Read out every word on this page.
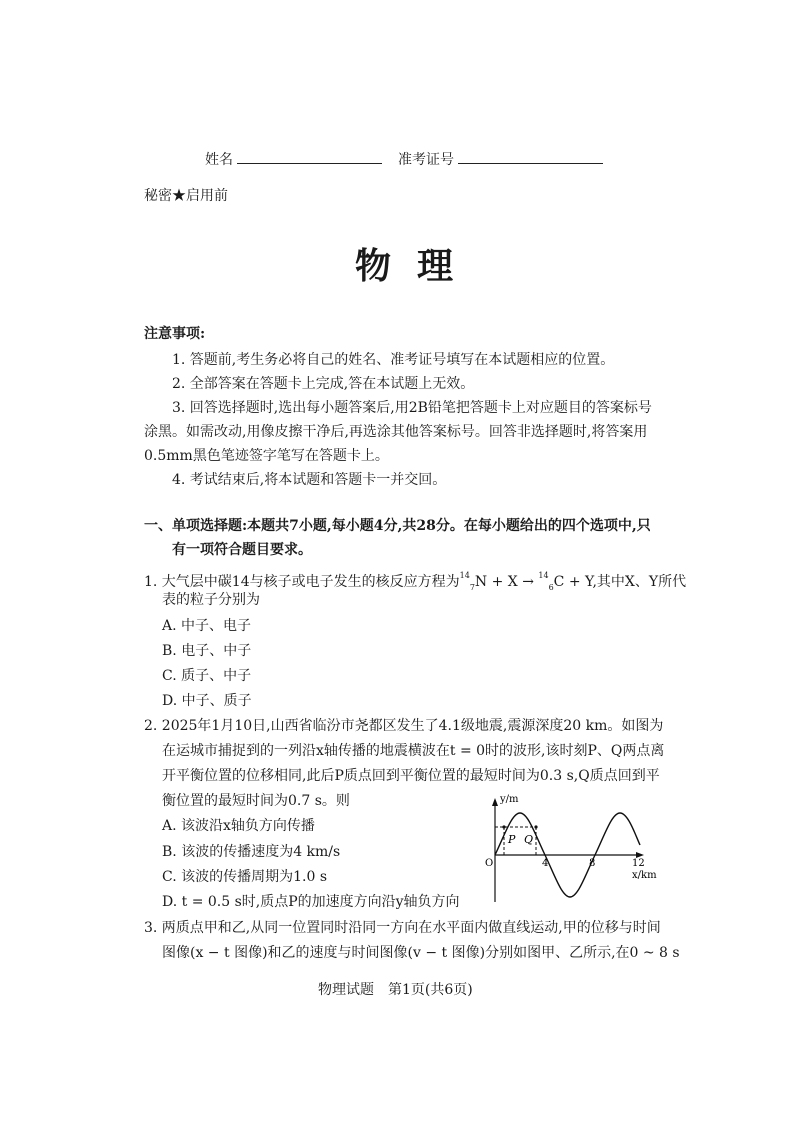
姓名	准考证号
秘密★启用前
物理
注意事项:
1. 答题前,考生务必将自己的姓名、准考证号填写在本试题相应的位置。
2. 全部答案在答题卡上完成,答在本试题上无效。
3. 回答选择题时,选出每小题答案后,用2B铅笔把答题卡上对应题目的答案标号
涂黑。如需改动,用像皮擦干净后,再选涂其他答案标号。回答非选择题时,将答案用
0.5mm黑色笔迹签字笔写在答题卡上。
4. 考试结束后,将本试题和答题卡一并交回。
一、单项选择题:本题共7小题,每小题4分,共28分。在每小题给出的四个选项中,只
有一项符合题目要求。
1. 大气层中碳14与核子或电子发生的核反应方程为$^{14}_7$N + X → $^{14}_6$C + Y,其中X、Y所代
表的粒子分别为
A. 中子、电子
B. 电子、中子
C. 质子、中子
D. 中子、质子
2. 2025年1月10日,山西省临汾市尧都区发生了4.1级地震,震源深度20 km。如图为
在运城市捕捉到的一列沿x轴传播的地震横波在t = 0时的波形,该时刻P、Q两点离
开平衡位置的位移相同,此后P质点回到平衡位置的最短时间为0.3 s,Q质点回到平
衡位置的最短时间为0.7 s。则
A. 该波沿x轴负方向传播
B. 该波的传播速度为4 km/s
C. 该波的传播周期为1.0 s
D. t = 0.5 s时,质点P的加速度方向沿y轴负方向
P Q
y/m
O	4	8	12
x/km
3. 两质点甲和乙,从同一位置同时沿同一方向在水平面内做直线运动,甲的位移与时间
图像(x − t 图像)和乙的速度与时间图像(v − t 图像)分别如图甲、乙所示,在0 ~ 8 s
物理试题　第1页(共6页)
